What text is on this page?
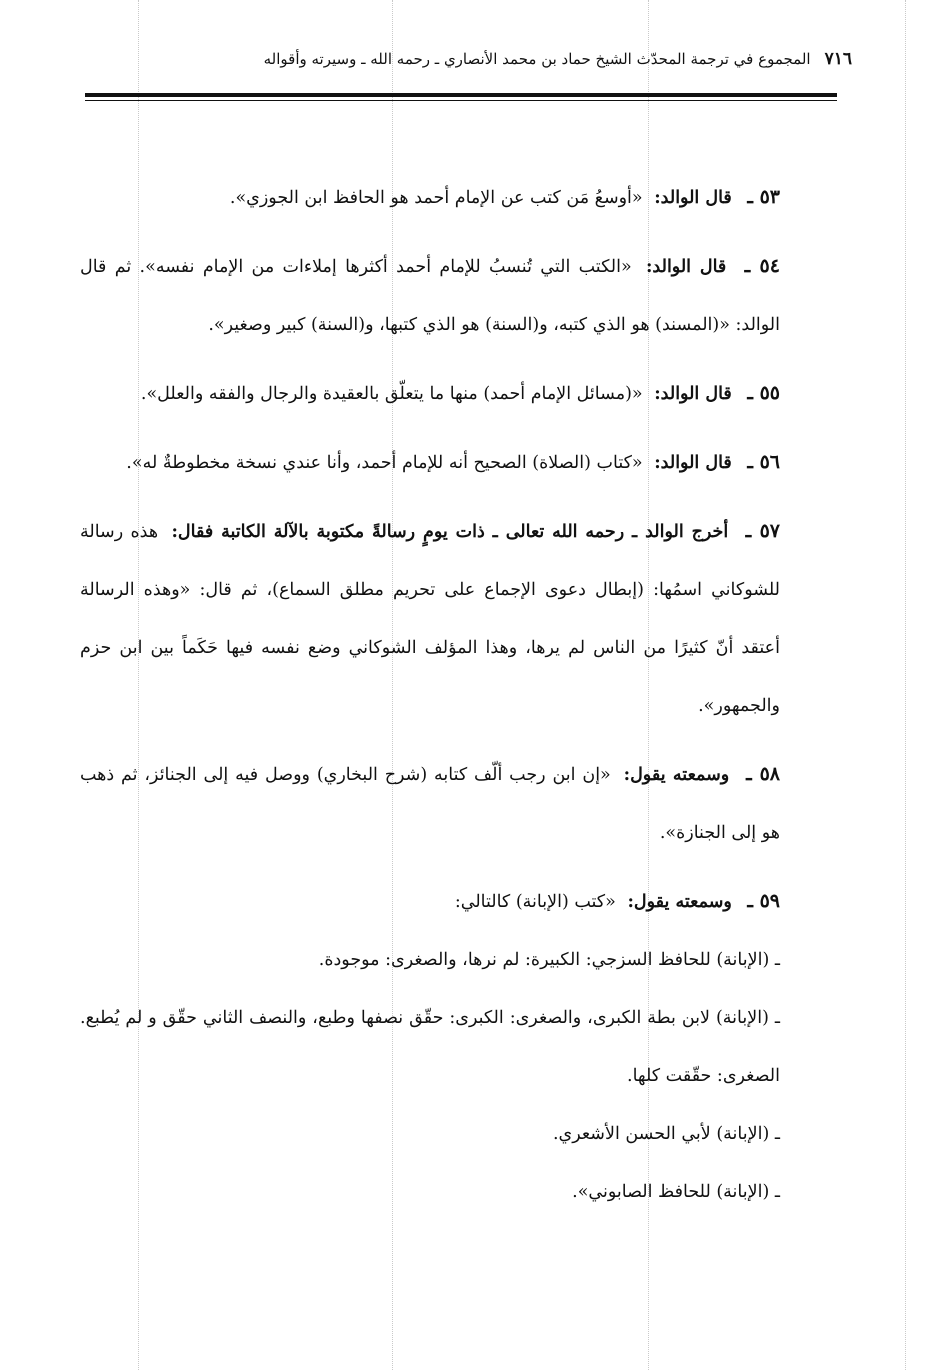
٧١٦
المجموع في ترجمة المحدّث الشيخ حماد بن محمد الأنصاري ـ رحمه الله ـ وسيرته وأقواله

٥٣ ـ قال الوالد: «أوسعُ مَن كتب عن الإمام أحمد هو الحافظ ابن الجوزي».

٥٤ ـ قال الوالد: «الكتب التي تُنسبُ للإمام أحمد أكثرها إملاءات من الإمام نفسه». ثم قال الوالد: «(المسند) هو الذي كتبه، و(السنة) هو الذي كتبها، و(السنة) كبير وصغير».

٥٥ ـ قال الوالد: «(مسائل الإمام أحمد) منها ما يتعلّق بالعقيدة والرجال والفقه والعلل».

٥٦ ـ قال الوالد: «كتاب (الصلاة) الصحيح أنه للإمام أحمد، وأنا عندي نسخة مخطوطةٌ له».

٥٧ ـ أخرج الوالد ـ رحمه الله تعالى ـ ذات يومٍ رسالةً مكتوبة بالآلة الكاتبة فقال: هذه رسالة للشوكاني اسمُها: (إبطال دعوى الإجماع على تحريم مطلق السماع)، ثم قال: «وهذه الرسالة أعتقد أنّ كثيرًا من الناس لم يرها، وهذا المؤلف الشوكاني وضع نفسه فيها حَكَماً بين ابن حزم والجمهور».

٥٨ ـ وسمعته يقول: «إن ابن رجب ألّف كتابه (شرح البخاري) ووصل فيه إلى الجنائز، ثم ذهب هو إلى الجنازة».

٥٩ ـ وسمعته يقول: «كتب (الإبانة) كالتالي:

ـ (الإبانة) للحافظ السزجي: الكبيرة: لم نرها، والصغرى: موجودة.

ـ (الإبانة) لابن بطة الكبرى، والصغرى: الكبرى: حقّق نصفها وطبع، والنصف الثاني حقّق و لم يُطبع. الصغرى: حقّقت كلها.

ـ (الإبانة) لأبي الحسن الأشعري.

ـ (الإبانة) للحافظ الصابوني».
